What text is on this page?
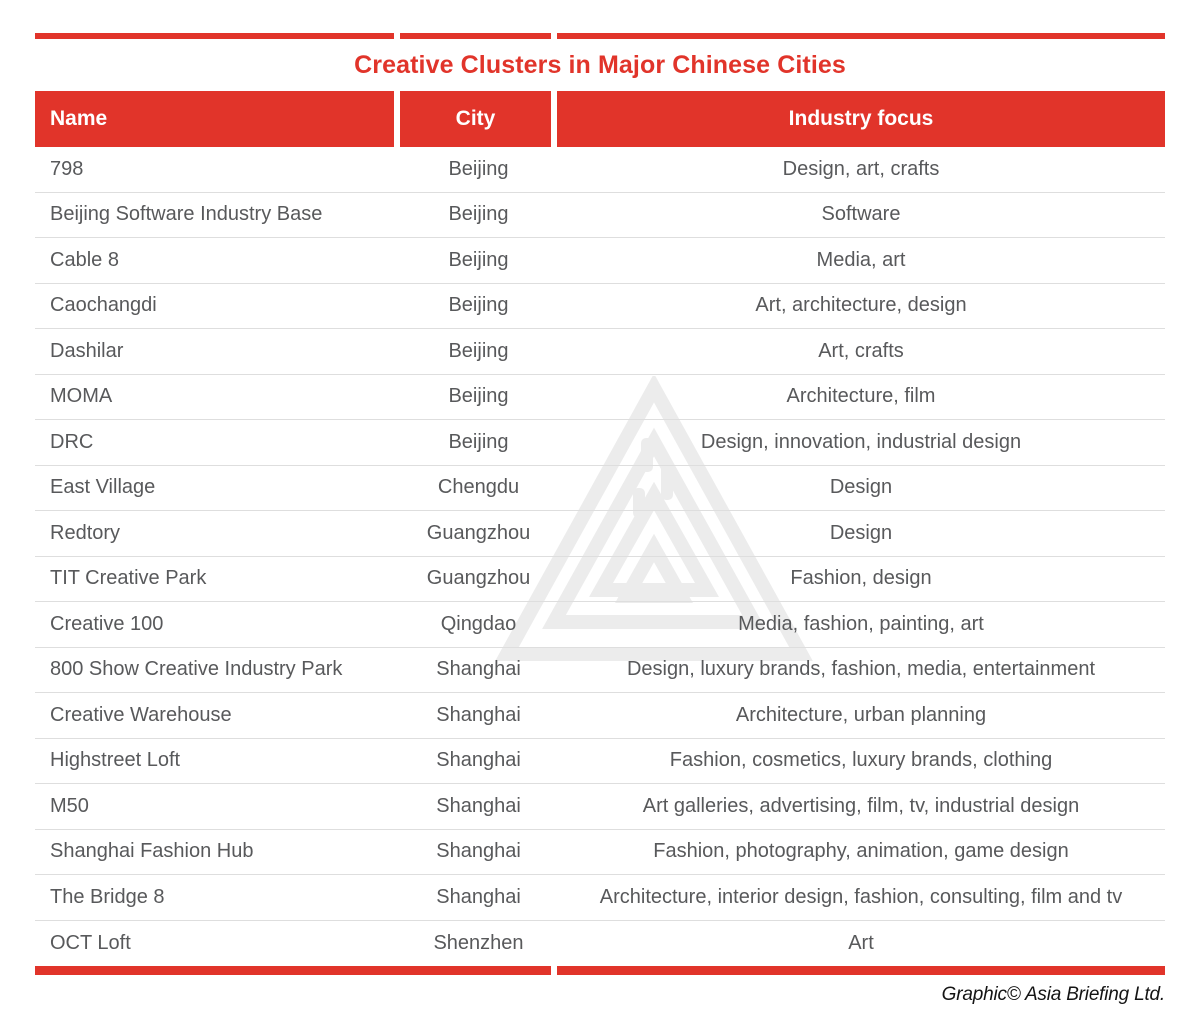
Creative Clusters in Major Chinese Cities
Name	City	Industry focus
798	Beijing	Design, art, crafts
Beijing Software Industry Base	Beijing	Software
Cable 8	Beijing	Media, art
Caochangdi	Beijing	Art, architecture, design
Dashilar	Beijing	Art, crafts
MOMA	Beijing	Architecture, film
DRC	Beijing	Design, innovation, industrial design
East Village	Chengdu	Design
Redtory	Guangzhou	Design
TIT Creative Park	Guangzhou	Fashion, design
Creative 100	Qingdao	Media, fashion, painting, art
800 Show Creative Industry Park	Shanghai	Design, luxury brands, fashion, media, entertainment
Creative Warehouse	Shanghai	Architecture, urban planning
Highstreet Loft	Shanghai	Fashion, cosmetics, luxury brands, clothing
M50	Shanghai	Art galleries, advertising, film, tv, industrial design
Shanghai Fashion Hub	Shanghai	Fashion, photography, animation, game design
The Bridge 8	Shanghai	Architecture, interior design, fashion, consulting, film and tv
OCT Loft	Shenzhen	Art
Graphic© Asia Briefing Ltd.
